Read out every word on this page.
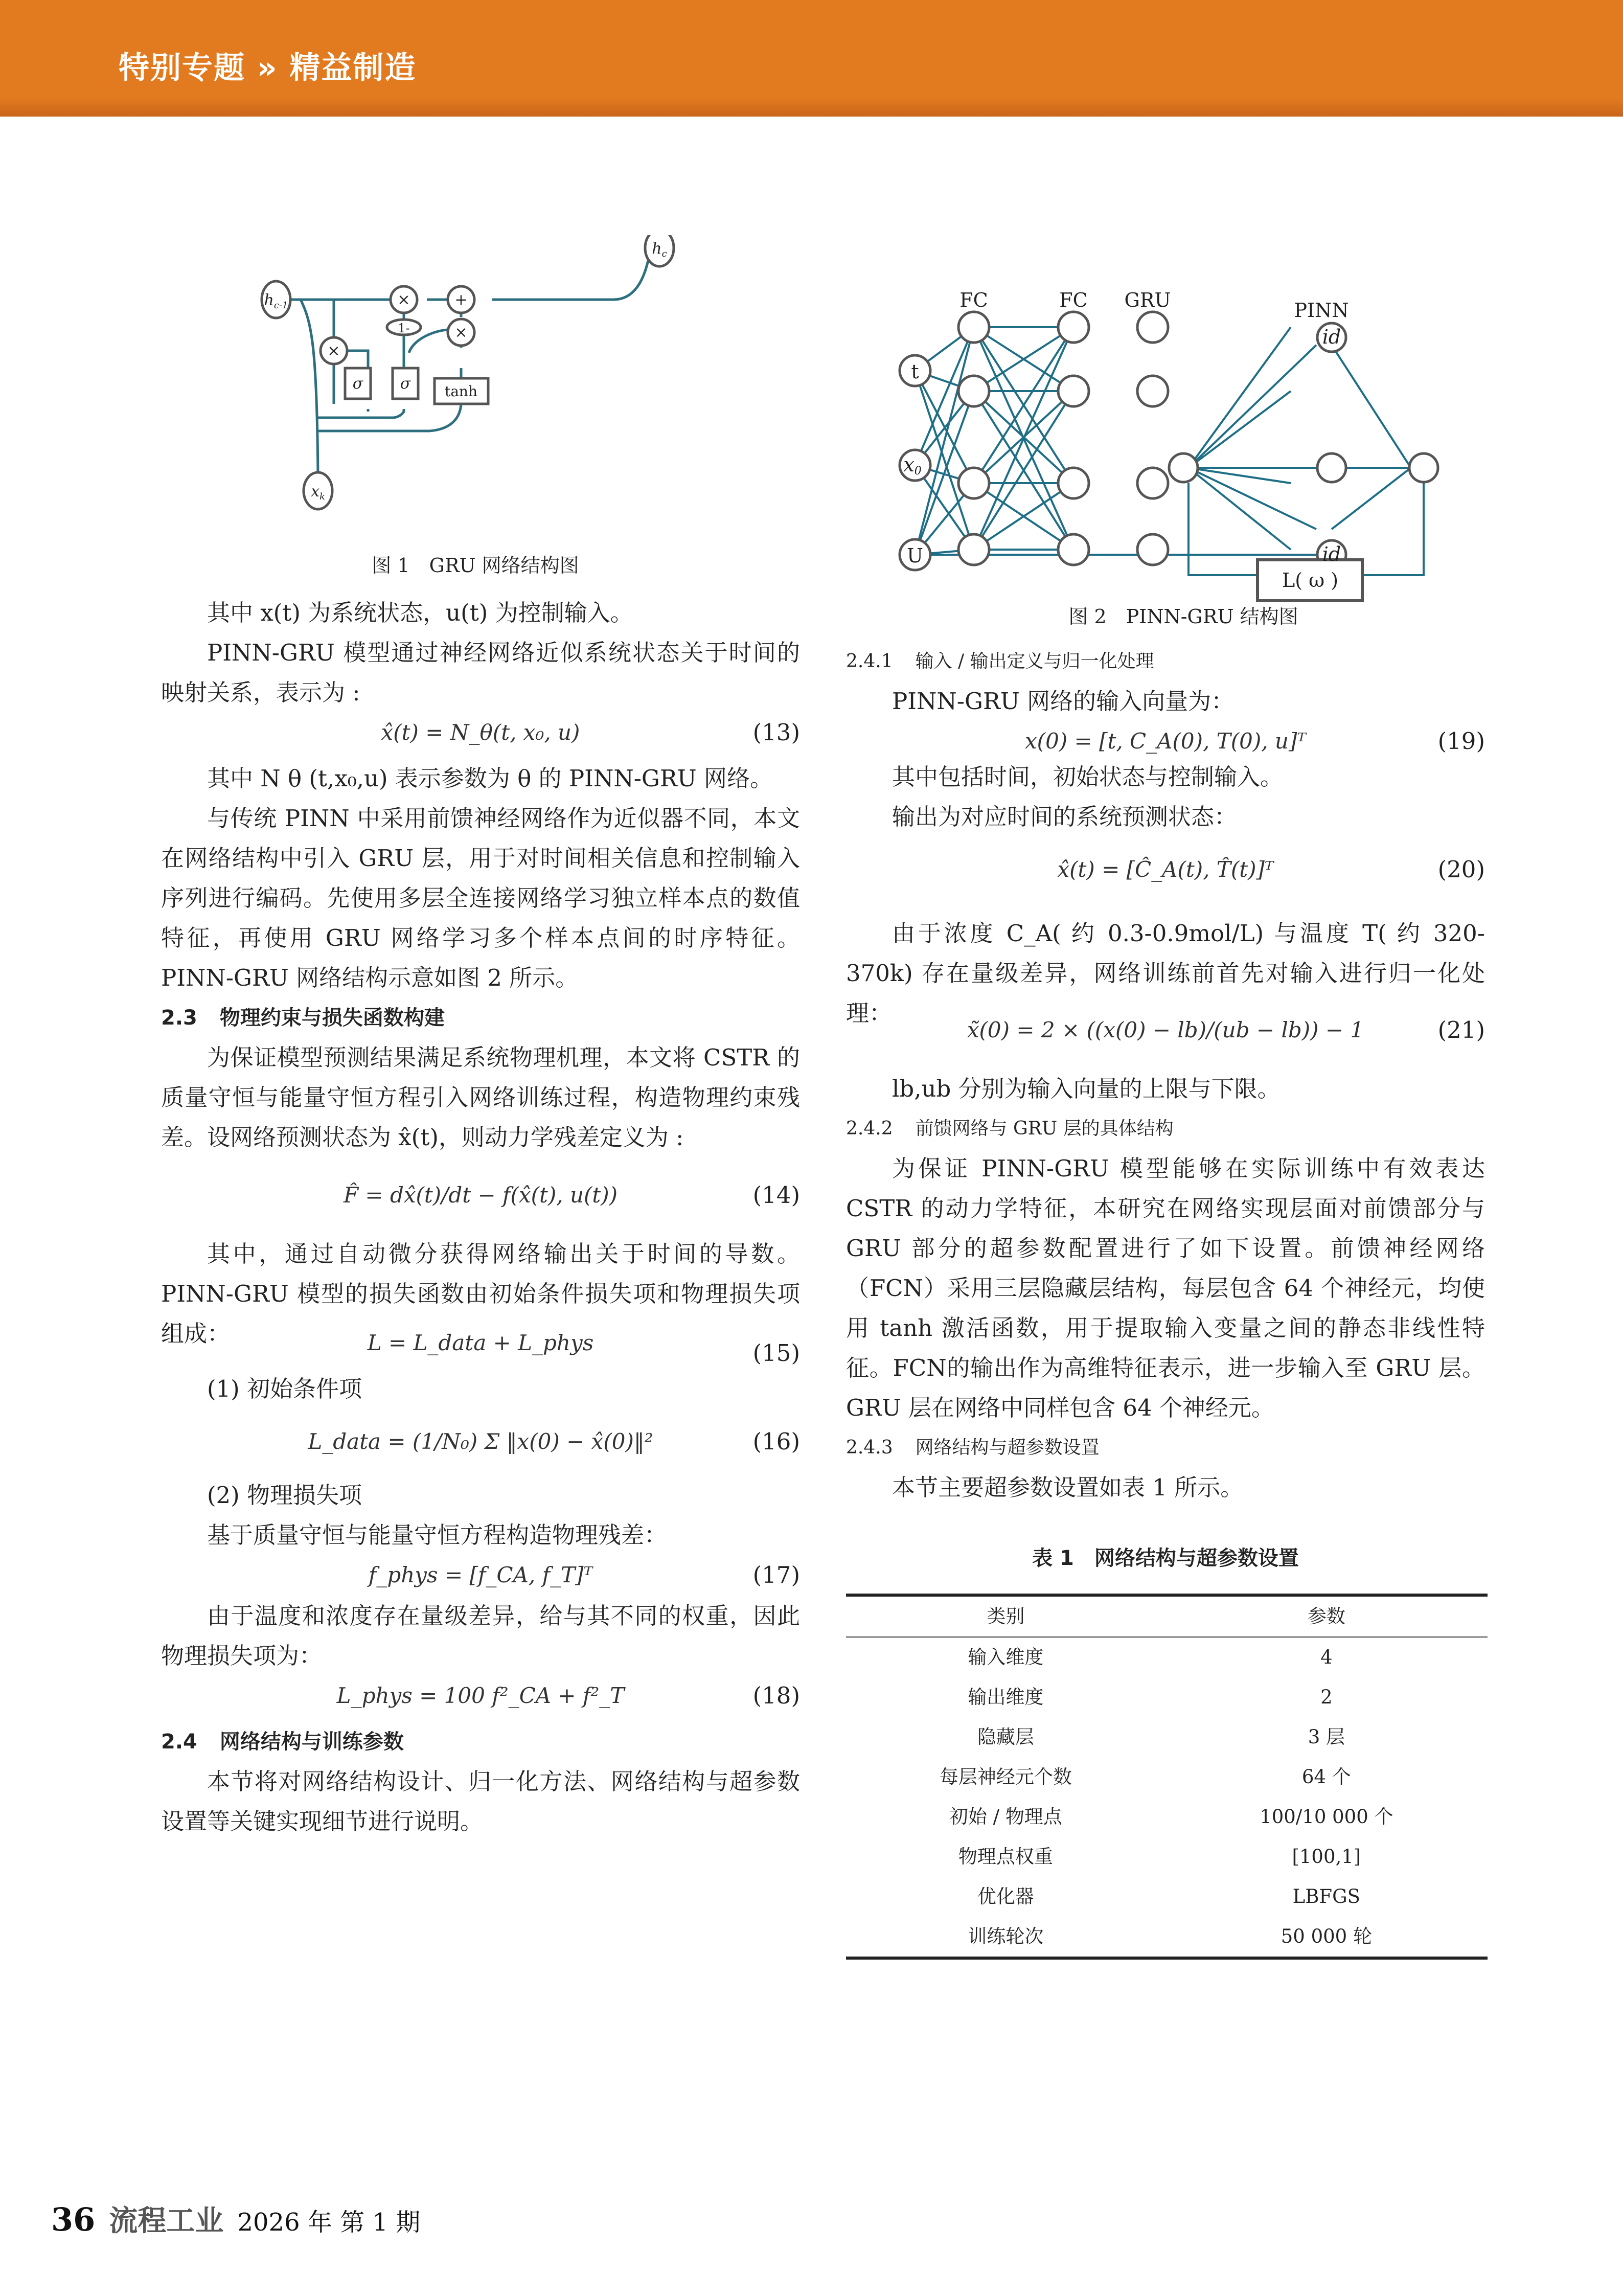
特别专题 » 精益制造
$h_{c-1}$
$h_c$
$x_k$
×	+
×
×
1-
σ σ tanh
图 1　GRU 网络结构图
FC	FC GRU	PINN
t
x0
U
id
id
L( ω )
图 2　PINN-GRU 结构图
其中 x(t) 为系统状态，u(t) 为控制输入。
PINN-GRU 模型通过神经网络近似系统状态关于时间的映射关系，表示为 :
x̂(t) = N_θ(t, x₀, u)	(13)
其中 N θ (t,x₀,u) 表示参数为 θ 的 PINN-GRU 网络。
与传统 PINN 中采用前馈神经网络作为近似器不同，本文在网络结构中引入 GRU 层，用于对时间相关信息和控制输入序列进行编码。先使用多层全连接网络学习独立样本点的数值特征，再使用 GRU 网络学习多个样本点间的时序特征。PINN-GRU 网络结构示意如图 2 所示。
2.3 物理约束与损失函数构建
为保证模型预测结果满足系统物理机理，本文将 CSTR 的质量守恒与能量守恒方程引入网络训练过程，构造物理约束残差。设网络预测状态为 x̂(t)，则动力学残差定义为 :
F̂ = dx̂(t)/dt − f(x̂(t), u(t))	(14)
其中，通过自动微分获得网络输出关于时间的导数。PINN-GRU 模型的损失函数由初始条件损失项和物理损失项组成：	L = L_data + L_phys	(15)
(1) 初始条件项
L_data = (1/N₀) Σ ‖x(0) − x̂(0)‖²	(16)
(2) 物理损失项
基于质量守恒与能量守恒方程构造物理残差：
f_phys = [f_CA, f_T]ᵀ	(17)
由于温度和浓度存在量级差异，给与其不同的权重，因此物理损失项为：
L_phys = 100 f²_CA + f²_T	(18)
2.4 网络结构与训练参数
本节将对网络结构设计、归一化方法、网络结构与超参数设置等关键实现细节进行说明。
2.4.1 输入 / 输出定义与归一化处理
PINN-GRU 网络的输入向量为：
x(0) = [t, C_A(0), T(0), u]ᵀ	(19)
其中包括时间，初始状态与控制输入。
输出为对应时间的系统预测状态：
x̂(t) = [Ĉ_A(t), T̂(t)]ᵀ	(20)
由于浓度 C_A( 约 0.3-0.9mol/L) 与温度 T( 约 320-370k) 存在量级差异，网络训练前首先对输入进行归一化处理：
x̃(0) = 2 × ((x(0) − lb)/(ub − lb)) − 1	(21)
lb,ub 分别为输入向量的上限与下限。
2.4.2 前馈网络与 GRU 层的具体结构
为保证 PINN-GRU 模型能够在实际训练中有效表达 CSTR 的动力学特征，本研究在网络实现层面对前馈部分与 GRU 部分的超参数配置进行了如下设置。前馈神经网络（FCN）采用三层隐藏层结构，每层包含 64 个神经元，均使用 tanh 激活函数，用于提取输入变量之间的静态非线性特征。FCN的输出作为高维特征表示，进一步输入至 GRU 层。GRU 层在网络中同样包含 64 个神经元。
2.4.3 网络结构与超参数设置
本节主要超参数设置如表 1 所示。
表 1　网络结构与超参数设置
类别	参数
输入维度	4
输出维度	2
隐藏层	3 层
每层神经元个数	64 个
初始 / 物理点	100/10 000 个
物理点权重	[100,1]
优化器	LBFGS
训练轮次	50 000 轮
36 流程工业 2026 年 第 1 期
